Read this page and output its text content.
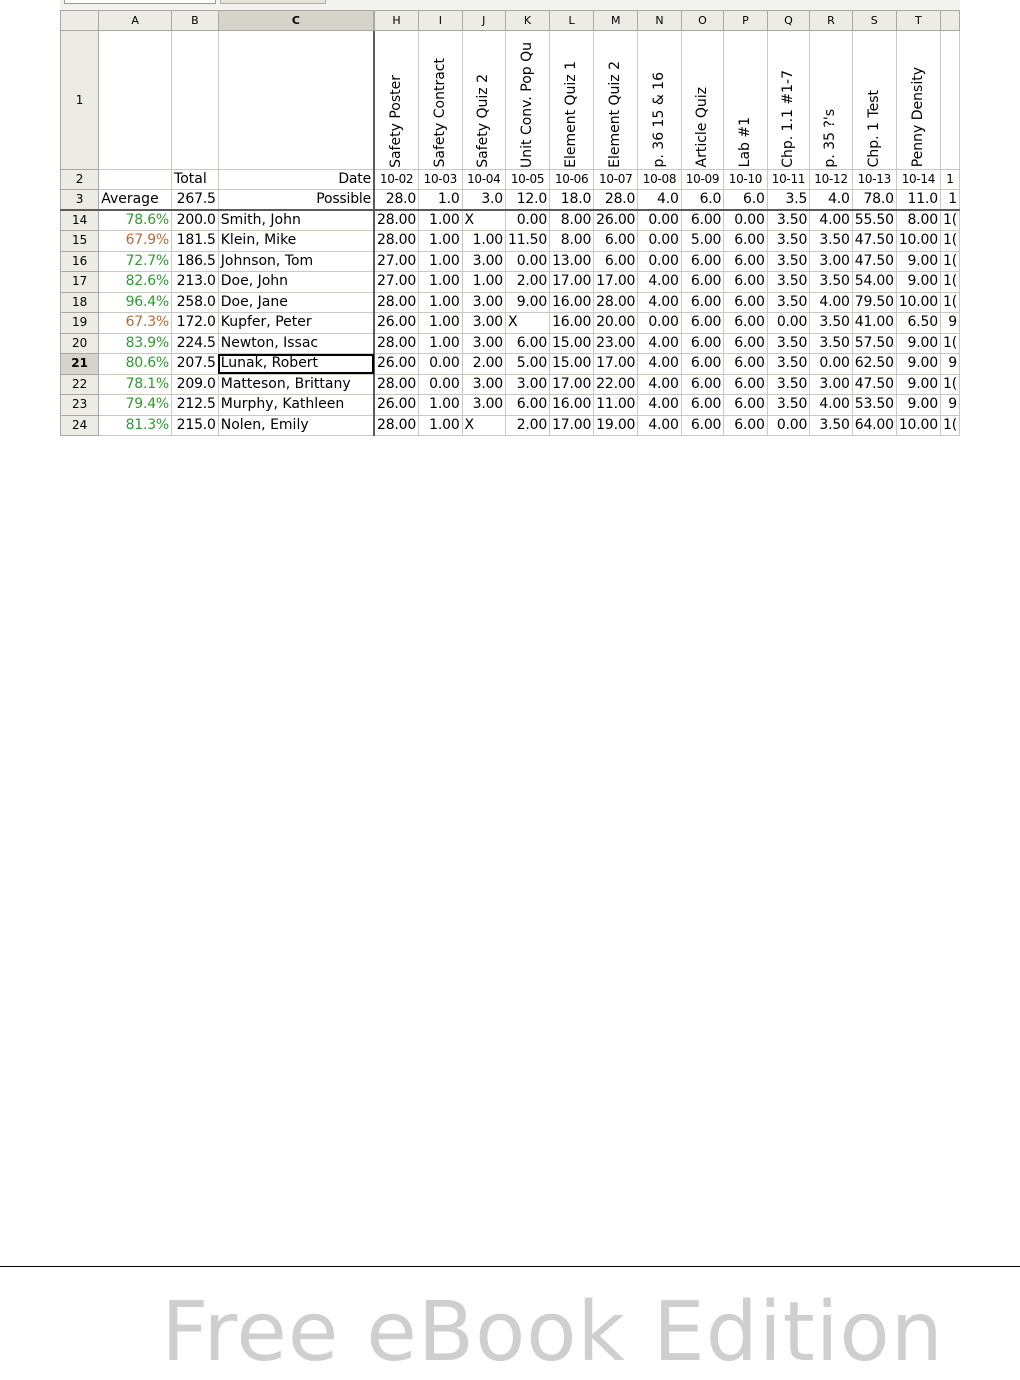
	A	B	C	H	I	J	K	L	M	N	O	P	Q	R	S	T	
1				Safety Poster	Safety Contract	Safety Quiz 2	Unit Conv. Pop Qu	Element Quiz 1	Element Quiz 2	p. 36 15 & 16	Article Quiz	Lab #1	Chp. 1.1 #1-7	p. 35 ?'s	Chp. 1 Test	Penny Density	

2		Total	Date	10-02	10-03	10-04	10-05	10-06	10-07	10-08	10-09	10-10	10-11	10-12	10-13	10-14	1
3	Average	267.5	Possible	28.0	1.0	3.0	12.0	18.0	28.0	4.0	6.0	6.0	3.5	4.0	78.0	11.0	1
14	78.6%	200.0	Smith, John	28.00	1.00	X	0.00	8.00	26.00	0.00	6.00	0.00	3.50	4.00	55.50	8.00	1(
15	67.9%	181.5	Klein, Mike	28.00	1.00	1.00	11.50	8.00	6.00	0.00	5.00	6.00	3.50	3.50	47.50	10.00	1(
16	72.7%	186.5	Johnson, Tom	27.00	1.00	3.00	0.00	13.00	6.00	0.00	6.00	6.00	3.50	3.00	47.50	9.00	1(
17	82.6%	213.0	Doe, John	27.00	1.00	1.00	2.00	17.00	17.00	4.00	6.00	6.00	3.50	3.50	54.00	9.00	1(
18	96.4%	258.0	Doe, Jane	28.00	1.00	3.00	9.00	16.00	28.00	4.00	6.00	6.00	3.50	4.00	79.50	10.00	1(
19	67.3%	172.0	Kupfer, Peter	26.00	1.00	3.00	X	16.00	20.00	0.00	6.00	6.00	0.00	3.50	41.00	6.50	9
20	83.9%	224.5	Newton, Issac	28.00	1.00	3.00	6.00	15.00	23.00	4.00	6.00	6.00	3.50	3.50	57.50	9.00	1(
21	80.6%	207.5	Lunak, Robert	26.00	0.00	2.00	5.00	15.00	17.00	4.00	6.00	6.00	3.50	0.00	62.50	9.00	9
22	78.1%	209.0	Matteson, Brittany	28.00	0.00	3.00	3.00	17.00	22.00	4.00	6.00	6.00	3.50	3.00	47.50	9.00	1(
23	79.4%	212.5	Murphy, Kathleen	26.00	1.00	3.00	6.00	16.00	11.00	4.00	6.00	6.00	3.50	4.00	53.50	9.00	9
24	81.3%	215.0	Nolen, Emily	28.00	1.00	X	2.00	17.00	19.00	4.00	6.00	6.00	0.00	3.50	64.00	10.00	1(
Free eBook Edition
